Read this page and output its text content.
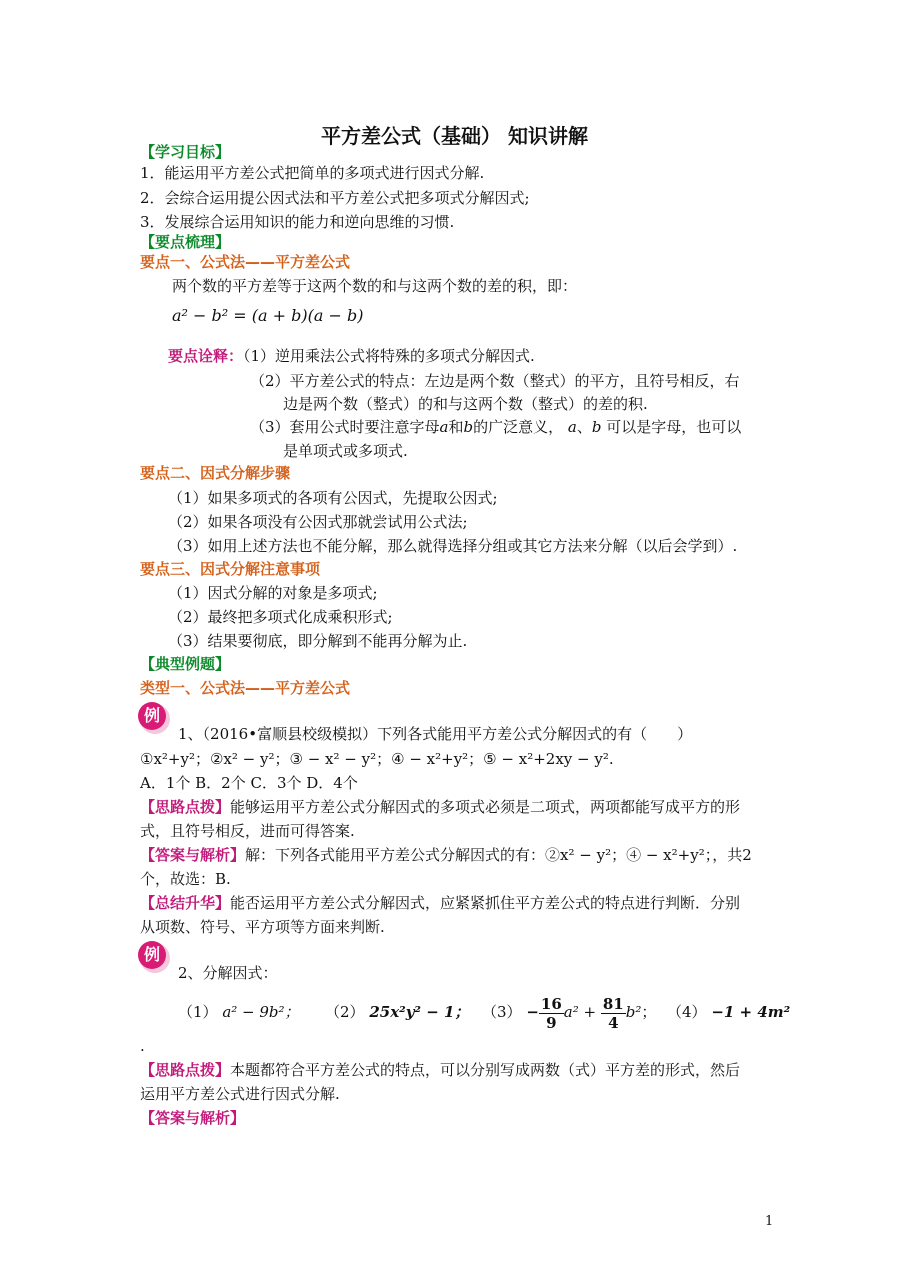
平方差公式（基础） 知识讲解
【学习目标】
1．能运用平方差公式把简单的多项式进行因式分解.
2．会综合运用提公因式法和平方差公式把多项式分解因式;
3．发展综合运用知识的能力和逆向思维的习惯.
【要点梳理】
要点一、公式法——平方差公式
两个数的平方差等于这两个数的和与这两个数的差的积，即：
a² − b² = (a + b)(a − b)
要点诠释：（1）逆用乘法公式将特殊的多项式分解因式.
（2）平方差公式的特点：左边是两个数（整式）的平方，且符号相反，右
边是两个数（整式）的和与这两个数（整式）的差的积.
（3）套用公式时要注意字母a和b的广泛意义， a、b 可以是字母，也可以
是单项式或多项式.
要点二、因式分解步骤
（1）如果多项式的各项有公因式，先提取公因式;
（2）如果各项没有公因式那就尝试用公式法;
（3）如用上述方法也不能分解，那么就得选择分组或其它方法来分解（以后会学到）.
要点三、因式分解注意事项
（1）因式分解的对象是多项式;
（2）最终把多项式化成乘积形式;
（3）结果要彻底，即分解到不能再分解为止.
【典型例题】
类型一、公式法——平方差公式
例
1、（2016•富顺县校级模拟）下列各式能用平方差公式分解因式的有（　　）
①x²+y²；②x² − y²；③ − x² − y²；④ − x²+y²；⑤ − x²+2xy − y².
A．1个 B．2个 C．3个 D．4个
【思路点拨】能够运用平方差公式分解因式的多项式必须是二项式，两项都能写成平方的形
式，且符号相反，进而可得答案.
【答案与解析】解：下列各式能用平方差公式分解因式的有：②x² − y²；④ − x²+y²；，共2
个，故选：B.
【总结升华】能否运用平方差公式分解因式，应紧紧抓住平方差公式的特点进行判断．分别
从项数、符号、平方项等方面来判断.
例
2、分解因式：
（1） a² − 9b²； （2） 25x²y² − 1； $(3) - \frac{16}{9} a^2 + \frac{81}{4} b^2$； （4） −1 + 4m²
.
【思路点拨】本题都符合平方差公式的特点，可以分别写成两数（式）平方差的形式，然后
运用平方差公式进行因式分解.
【答案与解析】
1
